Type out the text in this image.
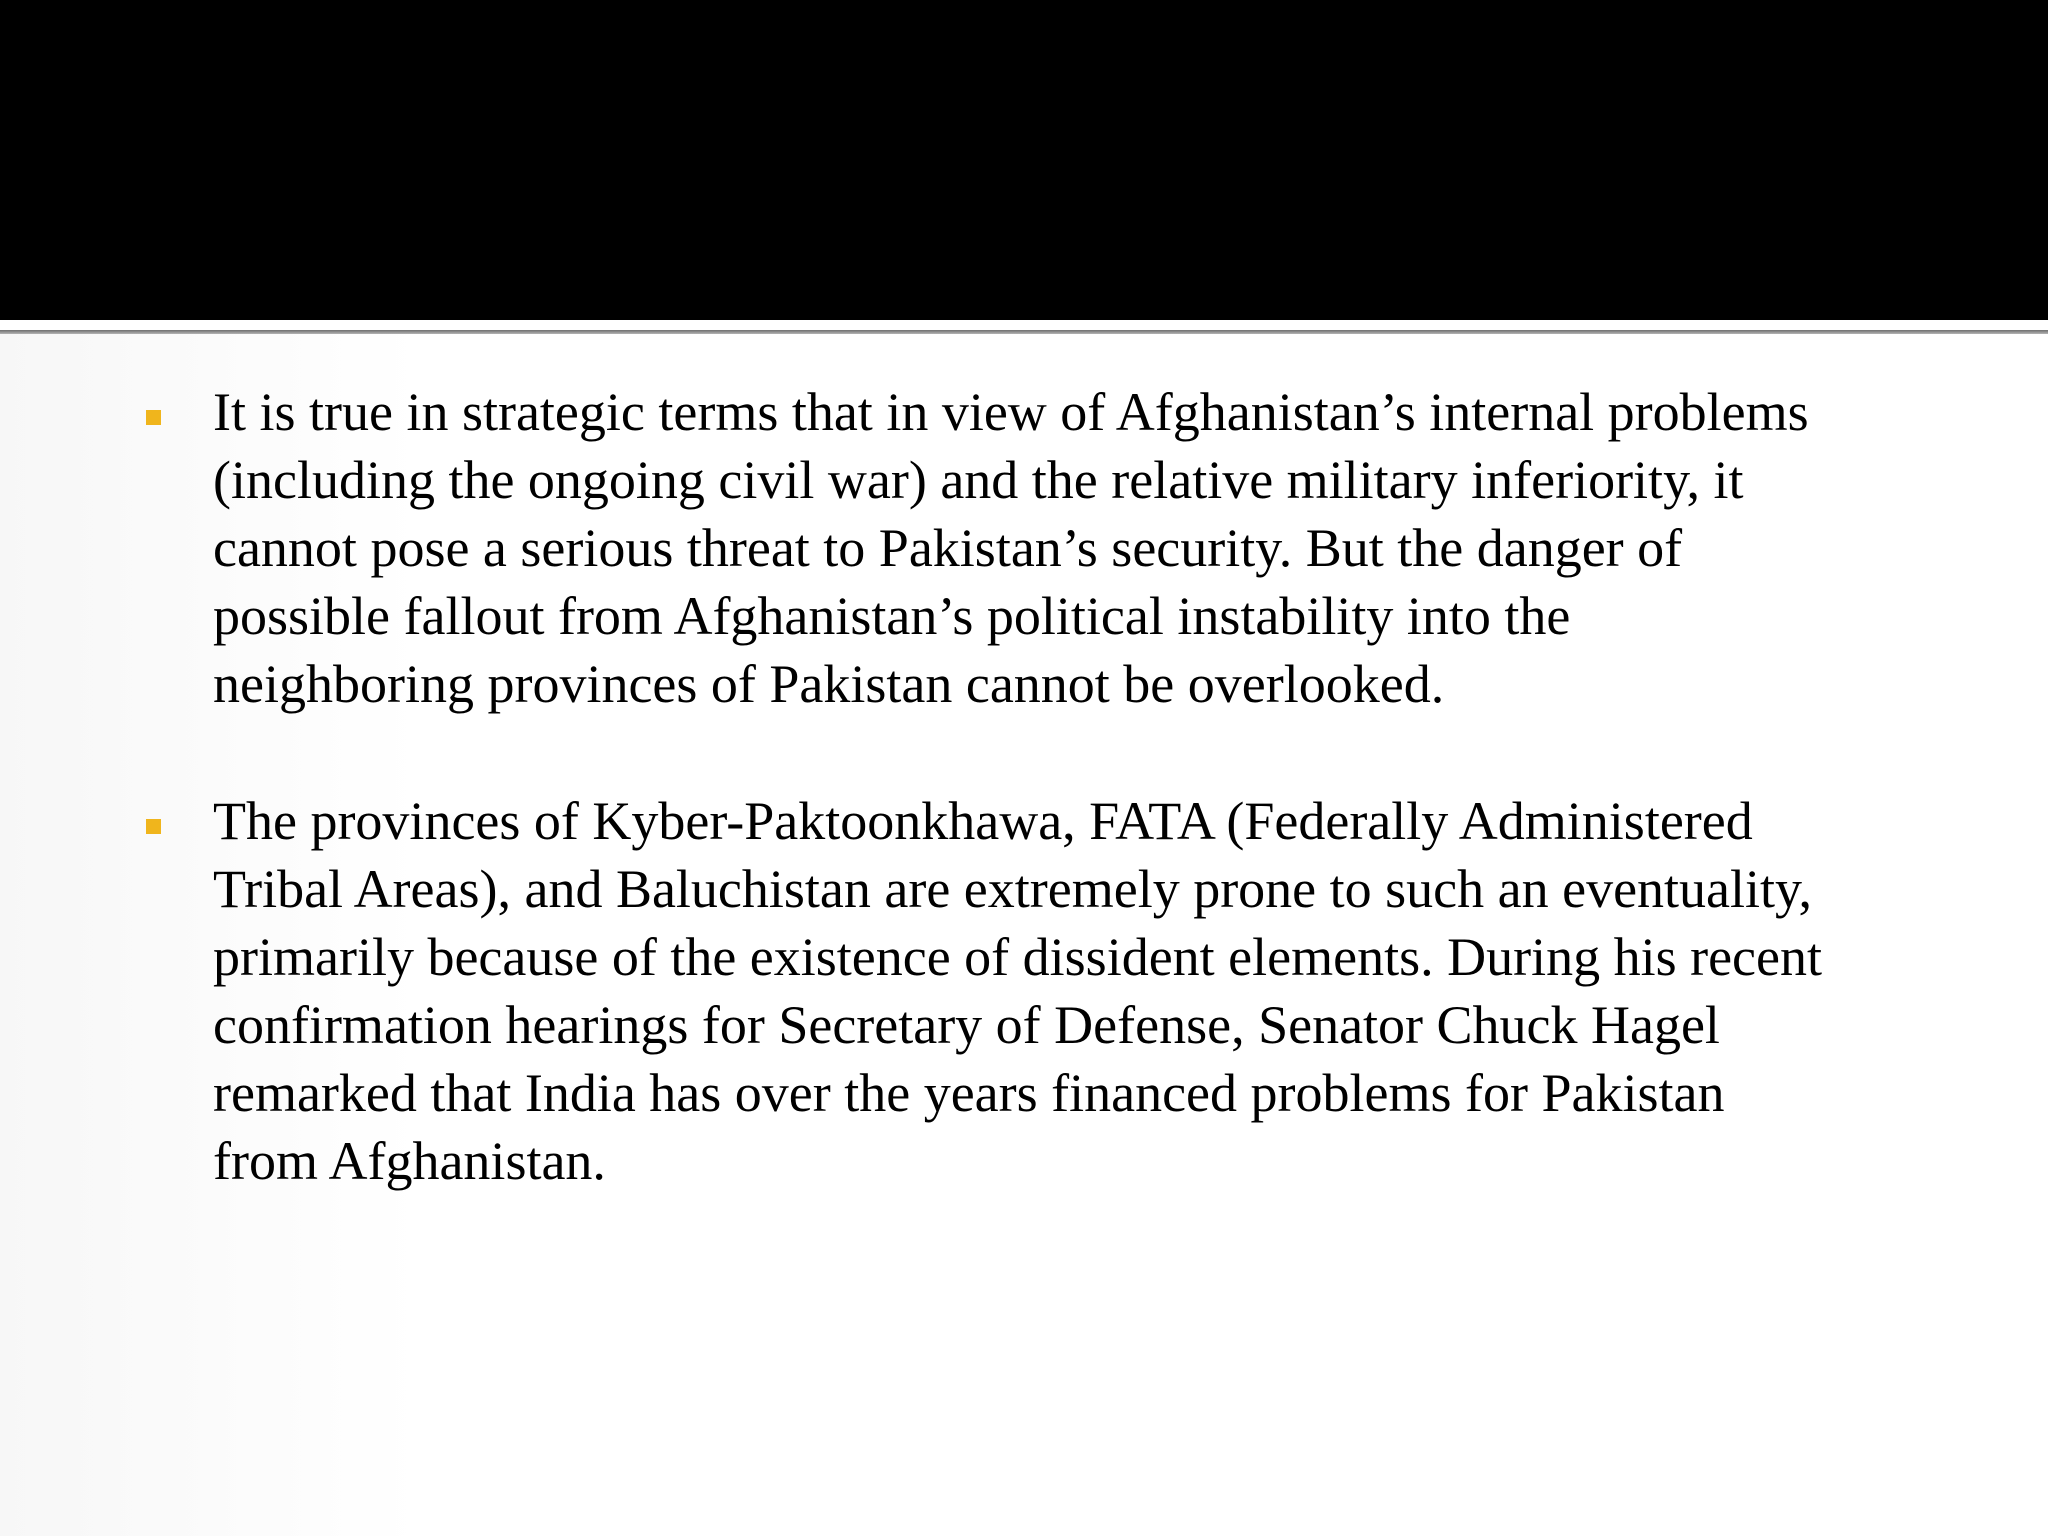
It is true in strategic terms that in view of Afghanistan’s internal problems
(including the ongoing civil war) and the relative military inferiority, it
cannot pose a serious threat to Pakistan’s security. But the danger of
possible fallout from Afghanistan’s political instability into the
neighboring provinces of Pakistan cannot be overlooked.

The provinces of Kyber-Paktoonkhawa, FATA (Federally Administered
Tribal Areas), and Baluchistan are extremely prone to such an eventuality,
primarily because of the existence of dissident elements. During his recent
confirmation hearings for Secretary of Defense, Senator Chuck Hagel
remarked that India has over the years financed problems for Pakistan
from Afghanistan.
